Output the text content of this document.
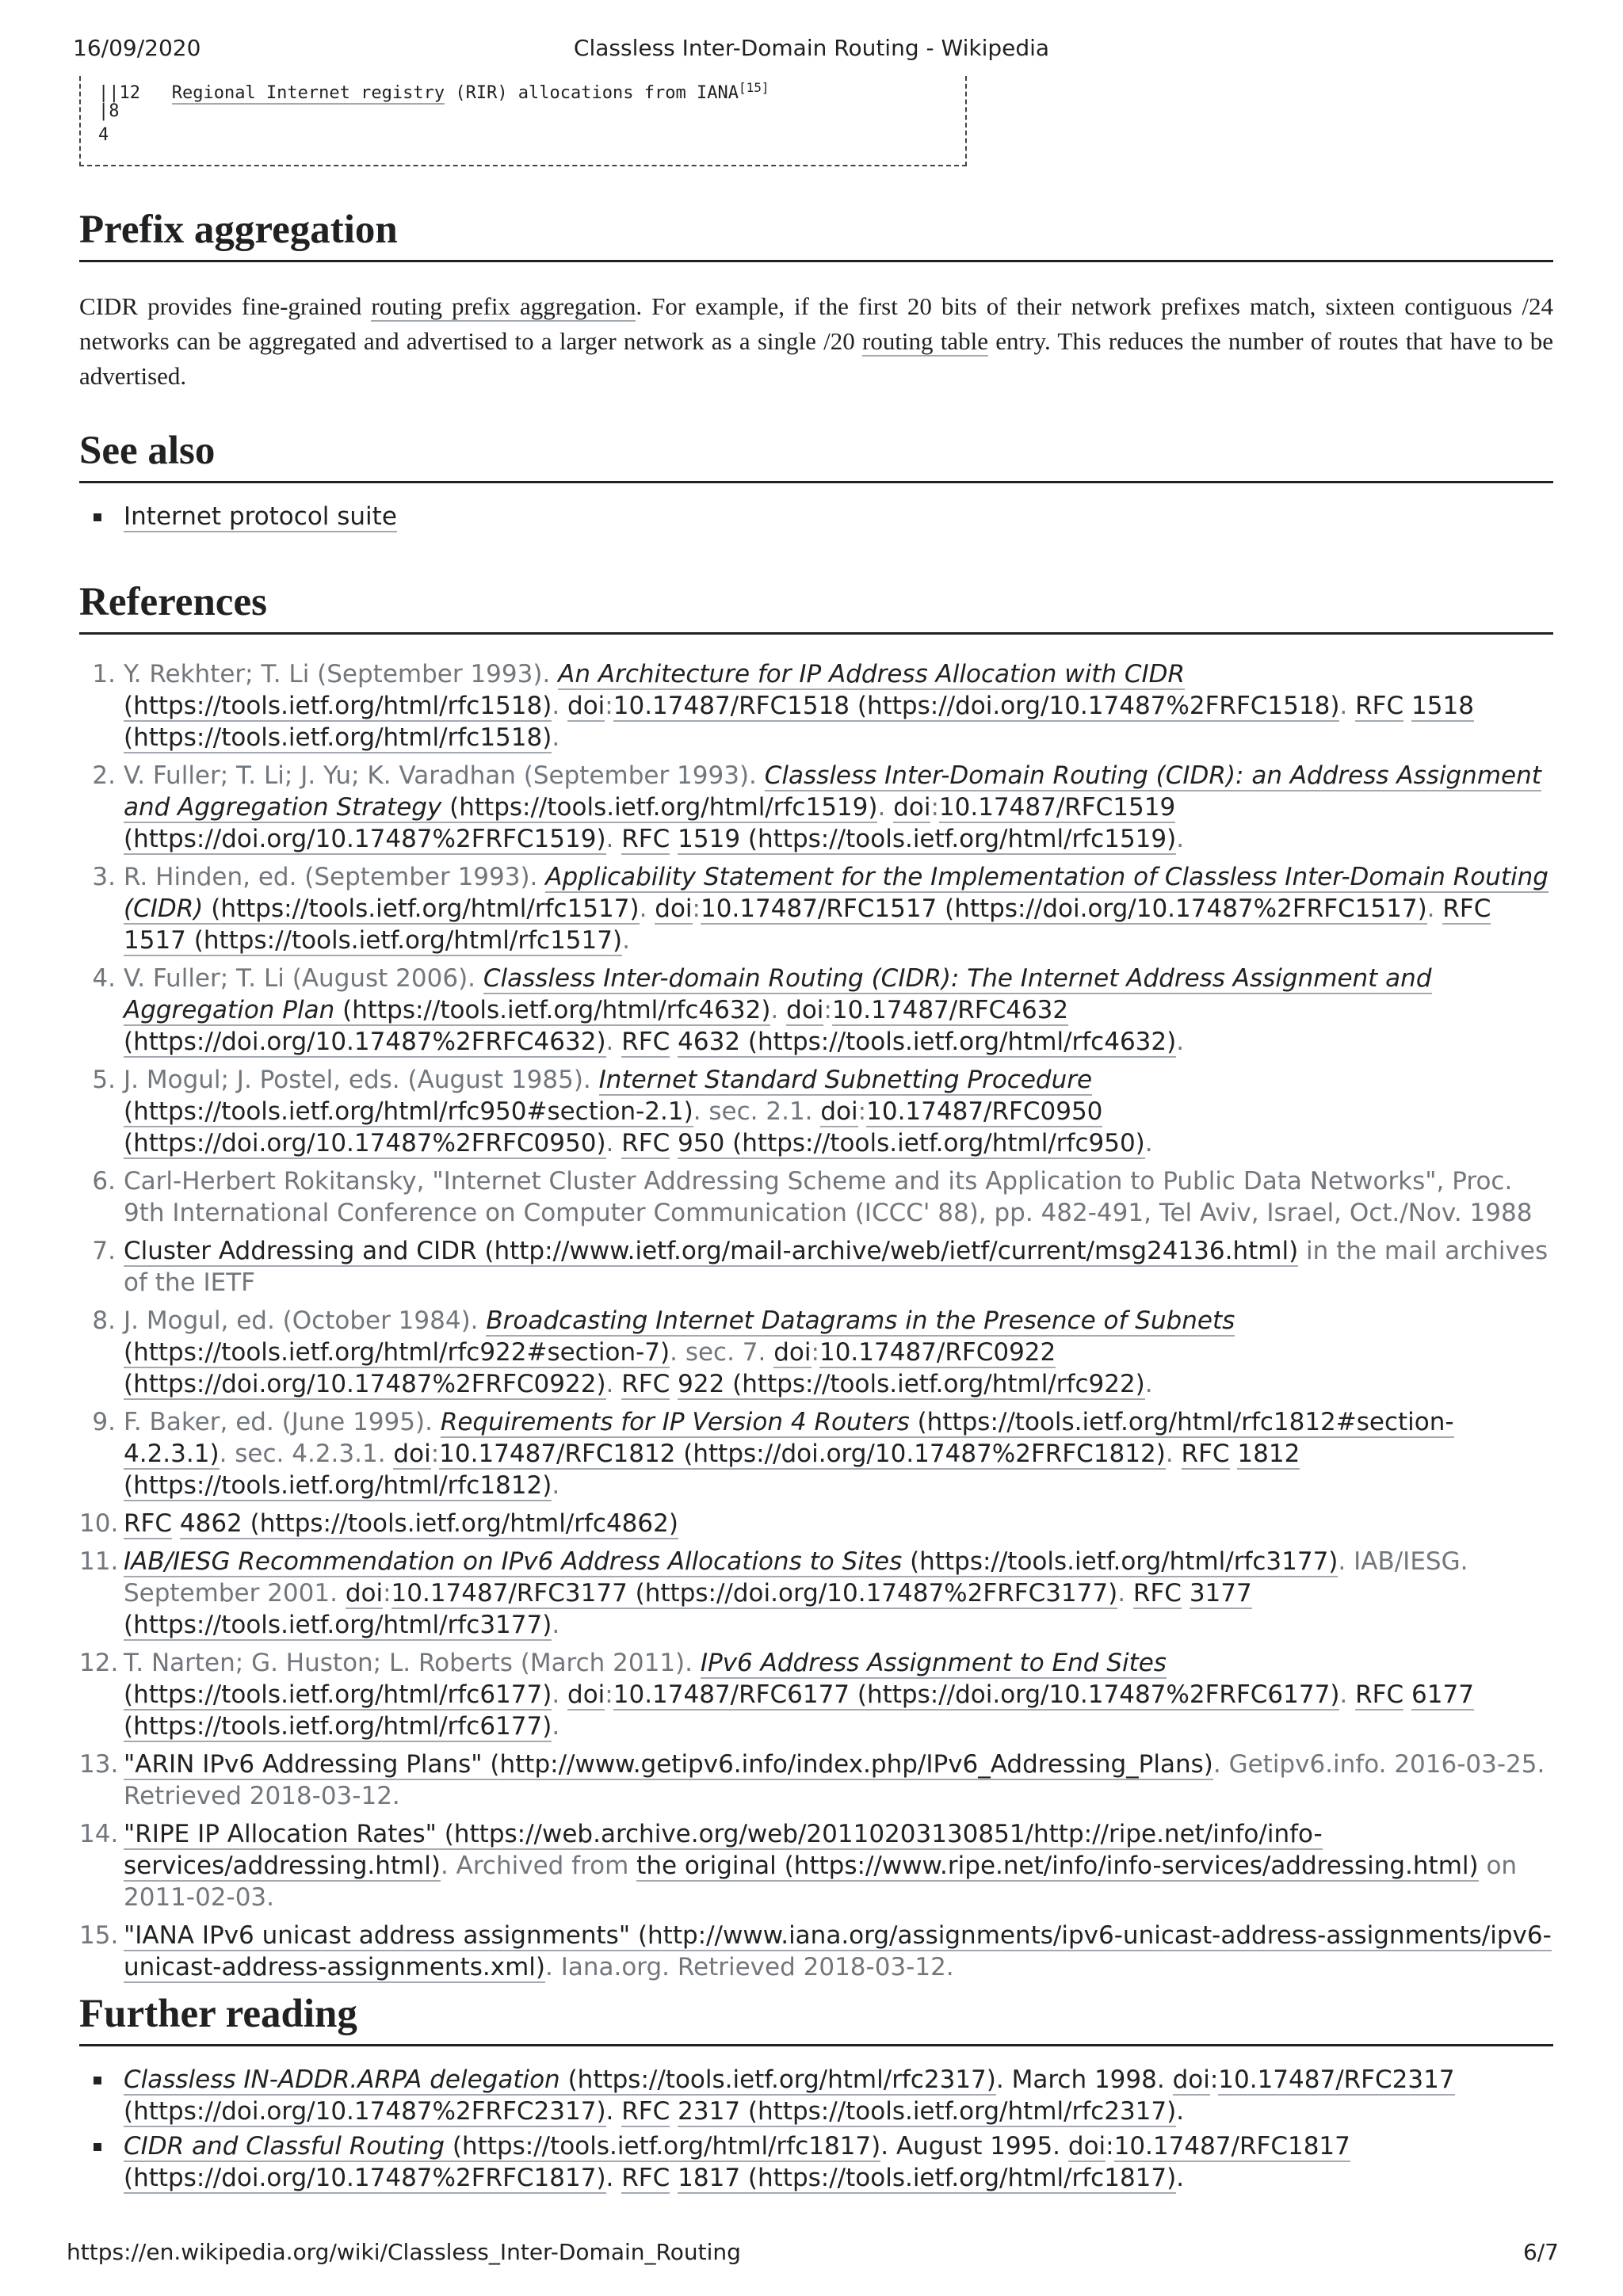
16/09/2020	Classless Inter-Domain Routing - Wikipedia
||12   Regional Internet registry (RIR) allocations from IANA[15]
|8
4
Prefix aggregation

CIDR provides fine-grained routing prefix aggregation. For example, if the first 20 bits of their network prefixes match, sixteen contiguous /24 networks can be aggregated and advertised to a larger network as a single /20 routing table entry. This reduces the number of routes that have to be advertised.

See also
Internet protocol suite
References
1. Y. Rekhter; T. Li (September 1993). An Architecture for IP Address Allocation with CIDR (https://tools.ietf.org/html/rfc1518). doi:10.17487/RFC1518 (https://doi.org/10.17487%2FRFC1518). RFC 1518 (https://tools.ietf.org/html/rfc1518).
2. V. Fuller; T. Li; J. Yu; K. Varadhan (September 1993). Classless Inter-Domain Routing (CIDR): an Address Assignment and Aggregation Strategy (https://tools.ietf.org/html/rfc1519). doi:10.17487/RFC1519 (https://doi.org/10.17487%2FRFC1519). RFC 1519 (https://tools.ietf.org/html/rfc1519).
3. R. Hinden, ed. (September 1993). Applicability Statement for the Implementation of Classless Inter-Domain Routing (CIDR) (https://tools.ietf.org/html/rfc1517). doi:10.17487/RFC1517 (https://doi.org/10.17487%2FRFC1517). RFC 1517 (https://tools.ietf.org/html/rfc1517).
4. V. Fuller; T. Li (August 2006). Classless Inter-domain Routing (CIDR): The Internet Address Assignment and Aggregation Plan (https://tools.ietf.org/html/rfc4632). doi:10.17487/RFC4632 (https://doi.org/10.17487%2FRFC4632). RFC 4632 (https://tools.ietf.org/html/rfc4632).
5. J. Mogul; J. Postel, eds. (August 1985). Internet Standard Subnetting Procedure (https://tools.ietf.org/html/rfc950#section-2.1). sec. 2.1. doi:10.17487/RFC0950 (https://doi.org/10.17487%2FRFC0950). RFC 950 (https://tools.ietf.org/html/rfc950).
6. Carl-Herbert Rokitansky, "Internet Cluster Addressing Scheme and its Application to Public Data Networks", Proc. 9th International Conference on Computer Communication (ICCC' 88), pp. 482-491, Tel Aviv, Israel, Oct./Nov. 1988
7. Cluster Addressing and CIDR (http://www.ietf.org/mail-archive/web/ietf/current/msg24136.html) in the mail archives of the IETF
8. J. Mogul, ed. (October 1984). Broadcasting Internet Datagrams in the Presence of Subnets (https://tools.ietf.org/html/rfc922#section-7). sec. 7. doi:10.17487/RFC0922 (https://doi.org/10.17487%2FRFC0922). RFC 922 (https://tools.ietf.org/html/rfc922).
9. F. Baker, ed. (June 1995). Requirements for IP Version 4 Routers (https://tools.ietf.org/html/rfc1812#section-4.2.3.1). sec. 4.2.3.1. doi:10.17487/RFC1812 (https://doi.org/10.17487%2FRFC1812). RFC 1812 (https://tools.ietf.org/html/rfc1812).
10. RFC 4862 (https://tools.ietf.org/html/rfc4862)
11. IAB/IESG Recommendation on IPv6 Address Allocations to Sites (https://tools.ietf.org/html/rfc3177). IAB/IESG. September 2001. doi:10.17487/RFC3177 (https://doi.org/10.17487%2FRFC3177). RFC 3177 (https://tools.ietf.org/html/rfc3177).
12. T. Narten; G. Huston; L. Roberts (March 2011). IPv6 Address Assignment to End Sites (https://tools.ietf.org/html/rfc6177). doi:10.17487/RFC6177 (https://doi.org/10.17487%2FRFC6177). RFC 6177 (https://tools.ietf.org/html/rfc6177).
13. "ARIN IPv6 Addressing Plans" (http://www.getipv6.info/index.php/IPv6_Addressing_Plans). Getipv6.info. 2016-03-25. Retrieved 2018-03-12.
14. "RIPE IP Allocation Rates" (https://web.archive.org/web/20110203130851/http://ripe.net/info/info-services/addressing.html). Archived from the original (https://www.ripe.net/info/info-services/addressing.html) on 2011-02-03.
15. "IANA IPv6 unicast address assignments" (http://www.iana.org/assignments/ipv6-unicast-address-assignments/ipv6-unicast-address-assignments.xml). Iana.org. Retrieved 2018-03-12.
Further reading
Classless IN-ADDR.ARPA delegation (https://tools.ietf.org/html/rfc2317). March 1998. doi:10.17487/RFC2317 (https://doi.org/10.17487%2FRFC2317). RFC 2317 (https://tools.ietf.org/html/rfc2317).
CIDR and Classful Routing (https://tools.ietf.org/html/rfc1817). August 1995. doi:10.17487/RFC1817 (https://doi.org/10.17487%2FRFC1817). RFC 1817 (https://tools.ietf.org/html/rfc1817).
https://en.wikipedia.org/wiki/Classless_Inter-Domain_Routing	6/7
